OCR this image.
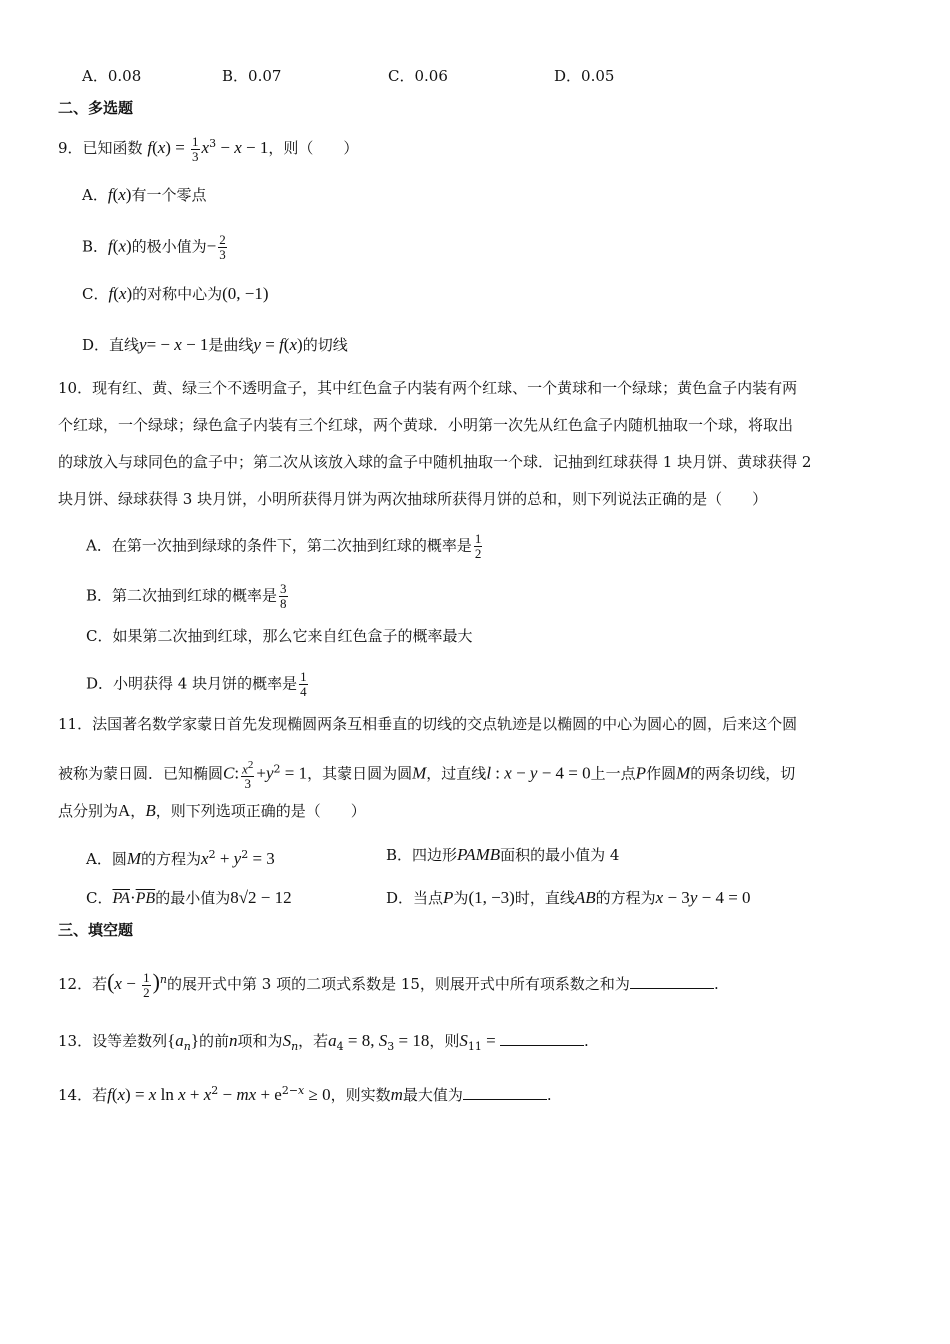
A．0.08	B．0.07	C．0.06	D．0.05
二、多选题
9．已知函数 $f(x) = \frac{1}{3} x^3 - x - 1$，则（　　）
A．f(x)有一个零点
B．f(x)的极小值为− $\frac{2}{3}$
C．f(x)的对称中心为(0, −1)
D．直线y= − x − 1是曲线y = f(x)的切线
10．现有红、黄、绿三个不透明盒子，其中红色盒子内装有两个红球、一个黄球和一个绿球；黄色盒子内装有两
个红球，一个绿球；绿色盒子内装有三个红球，两个黄球．小明第一次先从红色盒子内随机抽取一个球，将取出
的球放入与球同色的盒子中；第二次从该放入球的盒子中随机抽取一个球．记抽到红球获得 1 块月饼、黄球获得 2
块月饼、绿球获得 3 块月饼，小明所获得月饼为两次抽球所获得月饼的总和，则下列说法正确的是（　　）
A．在第一次抽到绿球的条件下，第二次抽到红球的概率是 $\frac{1}{2}$
B．第二次抽到红球的概率是 $\frac{3}{8}$
C．如果第二次抽到红球，那么它来自红色盒子的概率最大
D．小明获得 4 块月饼的概率是 $\frac{1}{4}$
11．法国著名数学家蒙日首先发现椭圆两条互相垂直的切线的交点轨迹是以椭圆的中心为圆心的圆，后来这个圆
被称为蒙日圆．已知椭圆C: $\frac{x^2}{3} +y^2 = 1$，其蒙日圆为圆M，过直线l : x − y − 4 = 0上一点P作圆M的两条切线，切
点分别为A，B，则下列选项正确的是（　　）
A．圆M的方程为$x^2 + y^2 = 3$	B．四边形PAMB面积的最小值为 4
C．$\overline{PA}\cdot\overline{PB}$的最小值为8√2 − 12	D．当点P为(1, −3)时，直线AB的方程为x − 3y − 4 = 0
三、填空题
12．若$(x - \frac{1}{2} )^n$的展开式中第 3 项的二项式系数是 15，则展开式中所有项系数之和为	.
13．设等差数列$\{a_n\}$的前n项和为$S_n$，若$a_4 = 8$, $S_3 = 18$，则$S_{11}$ =	.
14．若f(x) = x $\ln x + x^2$ − mx + $e^{2-x} \ge 0$，则实数m最大值为	.
